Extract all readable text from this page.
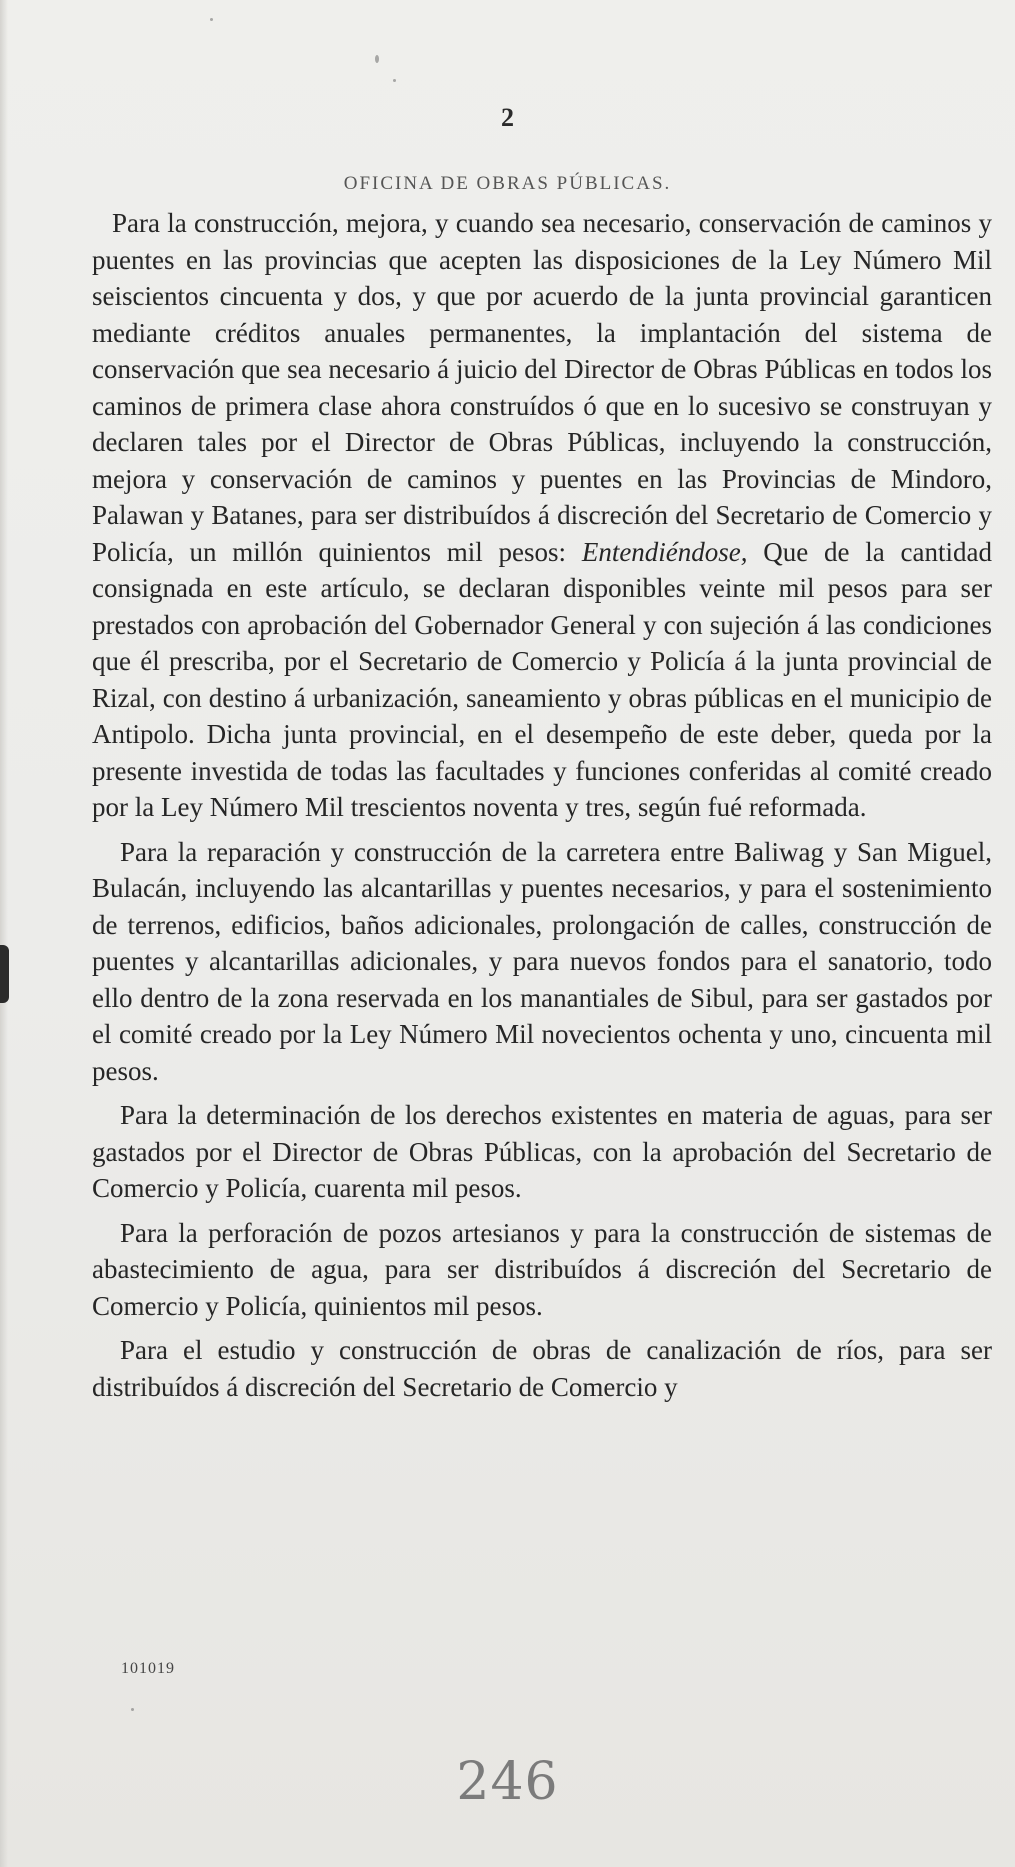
2
OFICINA DE OBRAS PÚBLICAS.

Para la construcción, mejora, y cuando sea necesario, conservación de caminos y puentes en las provincias que acepten las disposiciones de la Ley Número Mil seiscientos cincuenta y dos, y que por acuerdo de la junta provincial garanticen mediante créditos anuales permanentes, la implantación del sistema de conservación que sea necesario á juicio del Director de Obras Públicas en todos los caminos de primera clase ahora construídos ó que en lo sucesivo se construyan y declaren tales por el Director de Obras Públicas, incluyendo la construcción, mejora y conservación de caminos y puentes en las Provincias de Mindoro, Palawan y Batanes, para ser distribuídos á discreción del Secretario de Comercio y Policía, un millón quinientos mil pesos: Entendiéndose, Que de la cantidad consignada en este artículo, se declaran disponibles veinte mil pesos para ser prestados con aprobación del Gobernador General y con sujeción á las condiciones que él prescriba, por el Secretario de Comercio y Policía á la junta provincial de Rizal, con destino á urbanización, saneamiento y obras públicas en el municipio de Antipolo. Dicha junta provincial, en el desempeño de este deber, queda por la presente investida de todas las facultades y funciones conferidas al comité creado por la Ley Número Mil trescientos noventa y tres, según fué reformada.

Para la reparación y construcción de la carretera entre Baliwag y San Miguel, Bulacán, incluyendo las alcantarillas y puentes necesarios, y para el sostenimiento de terrenos, edificios, baños adicionales, prolongación de calles, construcción de puentes y alcantarillas adicionales, y para nuevos fondos para el sanatorio, todo ello dentro de la zona reservada en los manantiales de Sibul, para ser gastados por el comité creado por la Ley Número Mil novecientos ochenta y uno, cincuenta mil pesos.

Para la determinación de los derechos existentes en materia de aguas, para ser gastados por el Director de Obras Públicas, con la aprobación del Secretario de Comercio y Policía, cuarenta mil pesos.

Para la perforación de pozos artesianos y para la construcción de sistemas de abastecimiento de agua, para ser distribuídos á discreción del Secretario de Comercio y Policía, quinientos mil pesos.

Para el estudio y construcción de obras de canalización de ríos, para ser distribuídos á discreción del Secretario de Comercio y

101019
246
